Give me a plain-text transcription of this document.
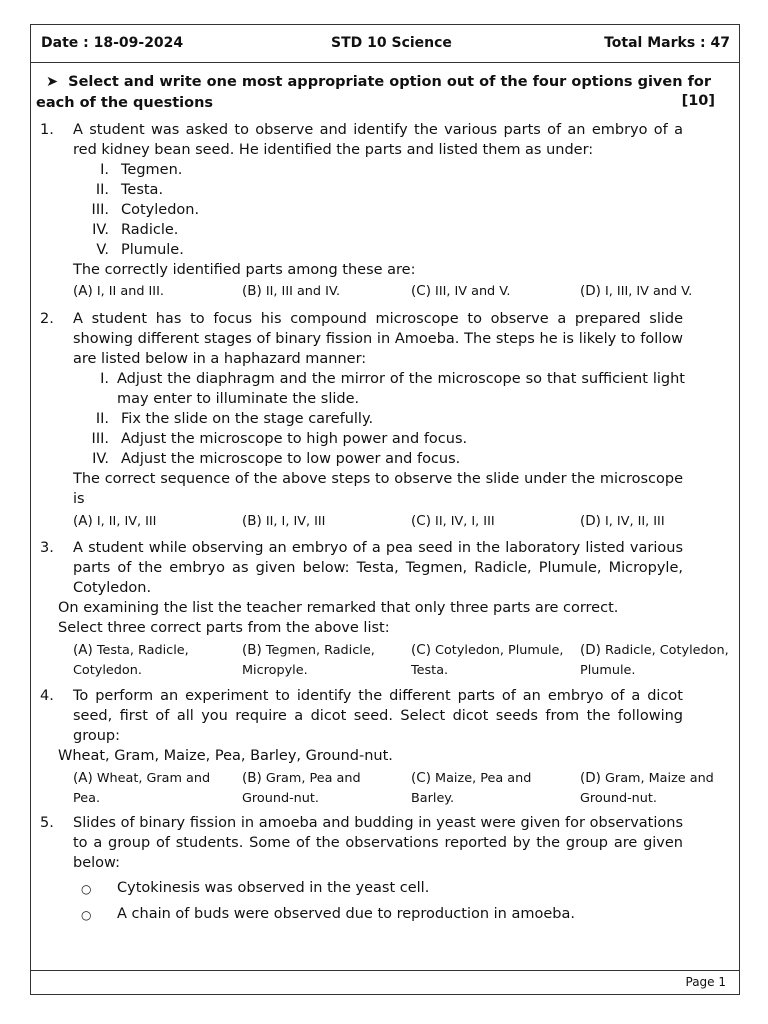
Date : 18-09-2024	STD 10 Science	Total Marks : 47
➤ Select and write one most appropriate option out of the four options given for each of the questions	[10]
1. A student was asked to observe and identify the various parts of an embryo of a red kidney bean seed. He identified the parts and listed them as under:
I. Tegmen.
II. Testa.
III. Cotyledon.
IV. Radicle.
V. Plumule.
The correctly identified parts among these are:
(A) I, II and III.	(B) II, III and IV.	(C) III, IV and V.	(D) I, III, IV and V.
2. A student has to focus his compound microscope to observe a prepared slide showing different stages of binary fission in Amoeba. The steps he is likely to follow are listed below in a haphazard manner:
I. Adjust the diaphragm and the mirror of the microscope so that sufficient light may enter to illuminate the slide.
II. Fix the slide on the stage carefully.
III. Adjust the microscope to high power and focus.
IV. Adjust the microscope to low power and focus.
The correct sequence of the above steps to observe the slide under the microscope is
(A) I, II, IV, III	(B) II, I, IV, III	(C) II, IV, I, III	(D) I, IV, II, III
3. A student while observing an embryo of a pea seed in the laboratory listed various parts of the embryo as given below: Testa, Tegmen, Radicle, Plumule, Micropyle, Cotyledon.
On examining the list the teacher remarked that only three parts are correct.
Select three correct parts from the above list:
(A) Testa, Radicle, Cotyledon.
(B) Tegmen, Radicle, Micropyle.
(C) Cotyledon, Plumule, Testa.
(D) Radicle, Cotyledon, Plumule.
4. To perform an experiment to identify the different parts of an embryo of a dicot seed, first of all you require a dicot seed. Select dicot seeds from the following group:
Wheat, Gram, Maize, Pea, Barley, Ground-nut.
(A) Wheat, Gram and Pea.
(B) Gram, Pea and Ground-nut.
(C) Maize, Pea and Barley.
(D) Gram, Maize and Ground-nut.
5. Slides of binary fission in amoeba and budding in yeast were given for observations to a group of students. Some of the observations reported by the group are given below:
○ Cytokinesis was observed in the yeast cell.
○ A chain of buds were observed due to reproduction in amoeba.
Page 1
